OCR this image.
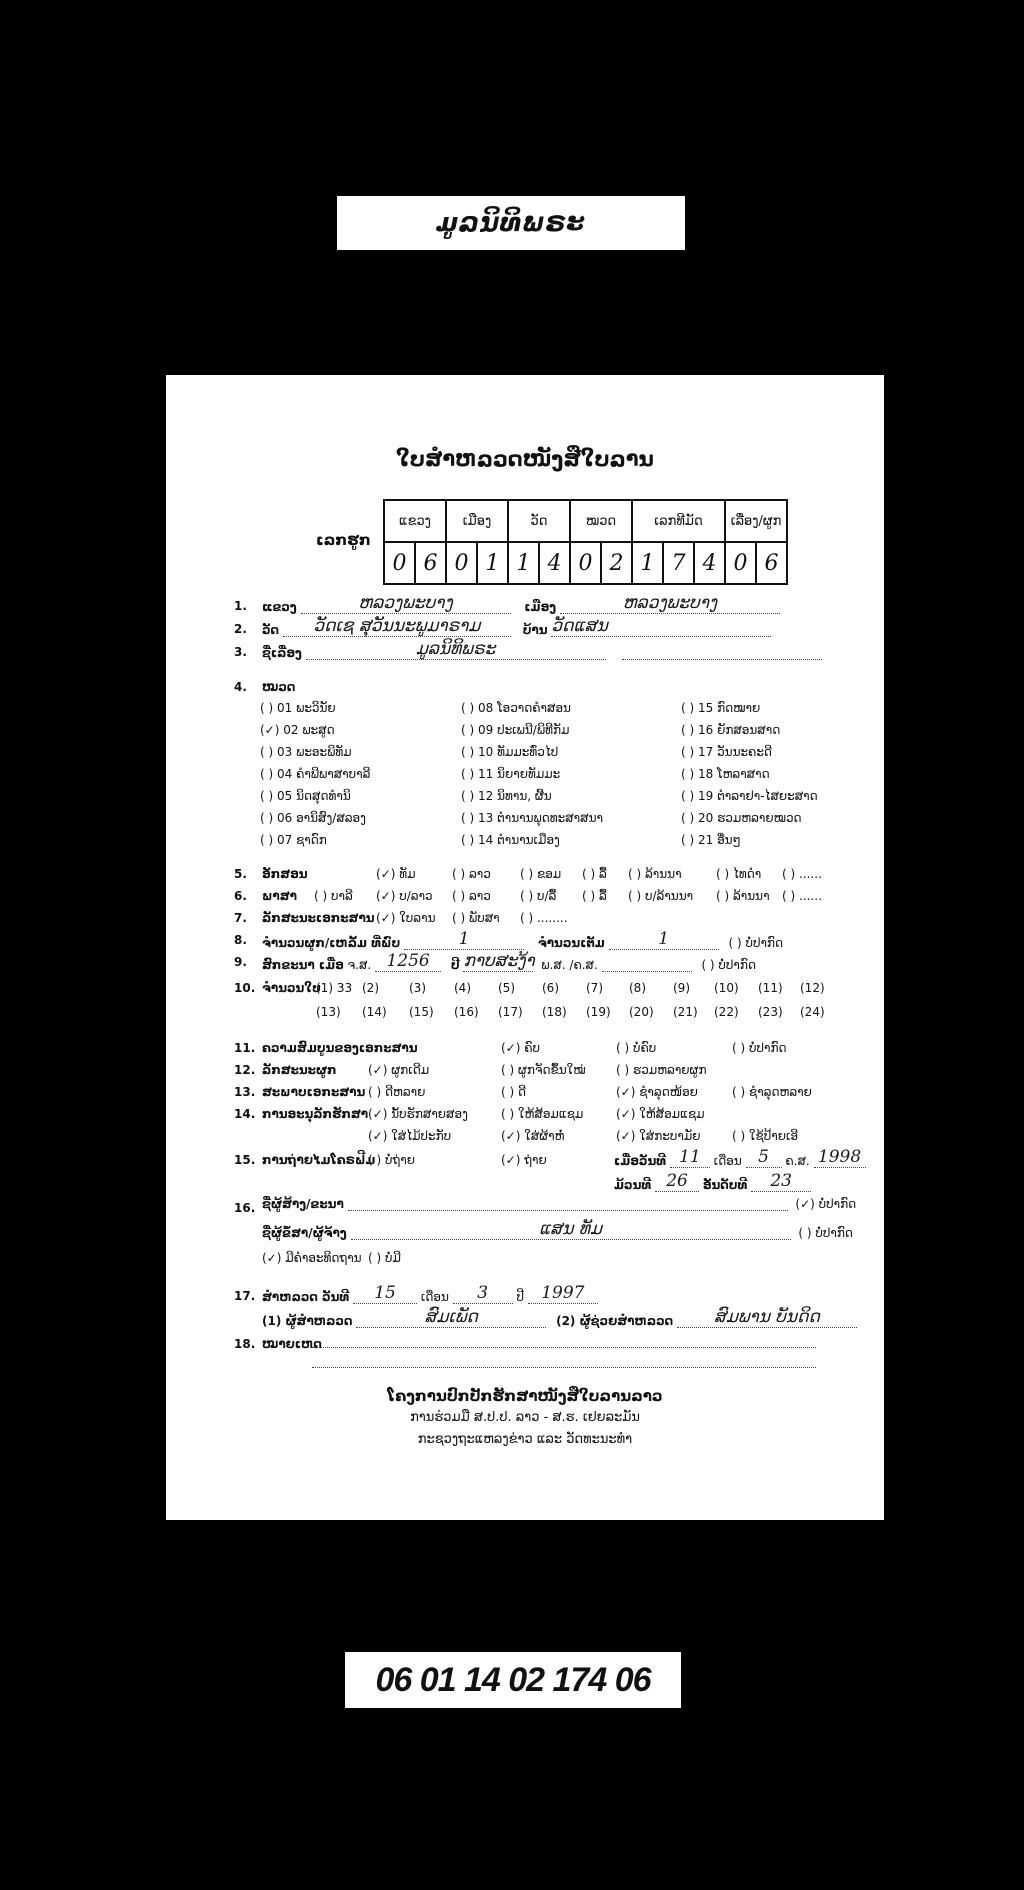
ມູລນິທິພຣະ
ໃບສຳຫລວດໜັງສືໃບລານ
ເລກຮູກ
ແຂວງ		ເມືອງ		ວັດ		ໝວດ		ເລກທີມັດ			ເລື່ອງ/ຜູກ	
0	6	0	1	1	4	0	2	1	7	4	0	6
1. ແຂວງ	ຫລວງພະບາງ	ເມືອງ	ຫລວງພະບາງ
2. ວັດ ວັດເຊ ສຸວັນນະພູມາຣາມ	ບ້ານ ວັດແສນ
3. ຊື່ເລື່ອງ	ມູລນິທິພຣະ
4. ໝວດ
( ) 01 ພະວິນັຍ
(✓) 02 ພະສູດ
( ) 03 ພະອະພິທັມ
( ) 04 ຄຳພີພາສາບາລີ
( ) 05 ນິດສຸດທຳນິ
( ) 06 ອານິສົງ/ສລອງ
( ) 07 ຊາດົກ
( ) 08 ໂອວາດຄຳສອນ
( ) 09 ປະເພນີ/ພິທີກັມ
( ) 10 ທັມມະທົ່ວໄປ
( ) 11 ນິຍາຍທັມມະ
( ) 12 ນິທານ, ຜີ້ນ
( ) 13 ຕຳນານພຸດທະສາສນາ
( ) 14 ຕຳນານເມືອງ
( ) 15 ກົດໝາຍ
( ) 16 ຍັກສອນສາດ
( ) 17 ວັນນະຄະດີ
( ) 18 ໂຫລາສາດ
( ) 19 ຕຳລາຢາ-ໄສຍະສາດ
( ) 20 ຮວມຫລາຍໝວດ
( ) 21 ອື່ນໆ
5. ອັກສອນ	(✓) ທັມ	( ) ລາວ ( ) ຂອມ ( ) ລື້ ( ) ລ້ານນາ	( ) ໄທດຳ ( ) ......
6. ພາສາ ( ) ບາລີ (✓) ບ/ລາວ ( ) ລາວ ( ) ບ/ລື້ ( ) ລື້ ( ) ບ/ລ້ານນາ ( ) ລ້ານນາ ( ) ......
7. ລັກສະນະເອກະສານ (✓) ໃບລານ ( ) ພັບສາ ( ) ........
8. ຈຳນວນຜູກ/ເຫລັ້ມ ທີ່ພົບ	1	ຈຳນວນເຕັມ	1	( ) ບໍ່ປາກົດ
9. ສົກຂະນາ ເມື່ອ ຈ.ສ. 1256 ປີ ກາບສະງ້າ ພ.ສ. /ຄ.ສ.	( ) ບໍ່ປາກົດ
10. ຈຳນວນໃບ
(1) 33 (2)	(3) (4) (5) (6) (7) (8) (9) (10) (11) (12)
(13) (14) (15) (16) (17) (18) (19) (20) (21) (22) (23) (24)
11. ຄວາມສົມບູນຂອງເອກະສານ	(✓) ຄົບ	( ) ບໍ່ຄົບ	( ) ບໍ່ປາກົດ
12. ລັກສະນະຜູກ	(✓) ຜູກເດີມ	( ) ຜູກຈັດຂຶ້ນໃໝ່	( ) ຮວມຫລາຍຜູກ
13. ສະພາບເອກະສານ ( ) ດີຫລາຍ	( ) ດີ	(✓) ຊຳລຸດໜ້ອຍ	( ) ຊຳລຸດຫລາຍ
14. ການອະນຸລັກຮັກສາ (✓) ນັ້ບຮັກສາຍສອງ	( ) ໃຫ້ສ້ອມແຊມ	(✓) ໃຫ້ສ້ອມແຊມ
(✓) ໃສ່ໄມ້ປະກັບ	(✓) ໃສ່ຜ້າຫໍ່	(✓) ໃສ່ກະບາມັຍ	( ) ໃຊ້ປ້າຍເອີ
15. ການຖ່າຍໄມໂຄຣຟີມ
( ) ບໍ່ຖ່າຍ	(✓) ຖ່າຍ	ເມື່ອວັນທີ 11 ເດືອນ 5 ຄ.ສ. 1998
ມ້ວນທີ 26 ອັນດັບທີ 23
16. ຊື່ຜູ້ສ້າງ/ຂະນາ	(✓) ບໍ່ປາກົດ
ຊື່ຜູ້ຂໍ້ສາ/ຜູ້ຈ້າງ	ແສນ ທັມ	( ) ບໍ່ປາກົດ
(✓) ມີຄຳອະທິດຖານ ( ) ບໍ່ມີ
17. ສຳຫລວດ ວັນທີ 15 ເດືອນ 3 ປີ 1997
(1) ຜູ້ສຳຫລວດ	ສົມເພັດ	(2) ຜູ້ຊ່ວຍສຳຫລວດ ສົມພານ ບັນດິດ
18. ໝາຍເຫດ
ໂຄງການປົກປັກຮັກສາໜັງສືໃບລານລາວ
ການຮ່ວມມື ສ.ປ.ປ. ລາວ - ສ.ຮ. ເຢຍລະມັນ
ກະຊວງຖະແຫລງຂ່າວ ແລະ ວັດທະນະທຳ
06 01 14 02 174 06
